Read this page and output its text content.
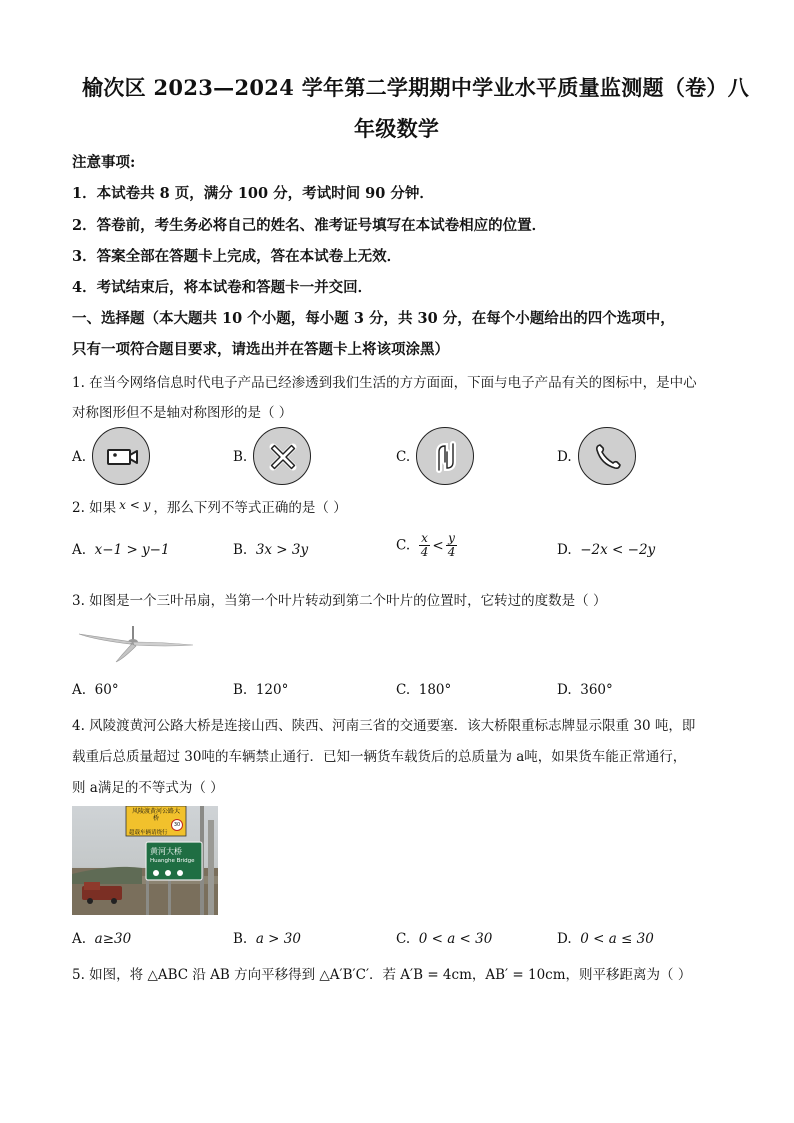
榆次区 2023—2024 学年第二学期期中学业水平质量监测题（卷）八
年级数学
注意事项:
1．本试卷共 8 页，满分 100 分，考试时间 90 分钟．
2．答卷前，考生务必将自己的姓名、准考证号填写在本试卷相应的位置．
3．答案全部在答题卡上完成，答在本试卷上无效．
4．考试结束后，将本试卷和答题卡一并交回．
一、选择题（本大题共 10 个小题，每小题 3 分，共 30 分，在每个小题给出的四个选项中，
只有一项符合题目要求，请选出并在答题卡上将该项涂黑）
1. 在当今网络信息时代电子产品已经渗透到我们生活的方方面面，下面与电子产品有关的图标中，是中心
对称图形但不是轴对称图形的是（ ）
A.	B.	C.	D.
2. 如果 x < y ，那么下列不等式正确的是（ ）
A. x−1 > y−1	B. 3x > 3y	C. $\frac{x}{4} < \frac{y}{4}$	D. −2x < −2y
3. 如图是一个三叶吊扇，当第一个叶片转动到第二个叶片的位置时，它转过的度数是（ ）
A. 60°	B. 120°	C. 180°	D. 360°
4. 风陵渡黄河公路大桥是连接山西、陕西、河南三省的交通要塞．该大桥限重标志牌显示限重 30 吨，即
载重后总质量超过 30吨的车辆禁止通行．已知一辆货车载货后的总质量为 a吨，如果货车能正常通行，
则 a满足的不等式为（ ）
风陵渡黄河公路大桥
30
超载车辆请绕行
黄河大桥
Huanghe Bridge
A. a≥30	B. a > 30	C. 0 < a < 30	D. 0 < a ≤ 30
5. 如图，将 △ABC 沿 AB 方向平移得到 △A′B′C′．若 A′B = 4cm，AB′ = 10cm，则平移距离为（ ）
